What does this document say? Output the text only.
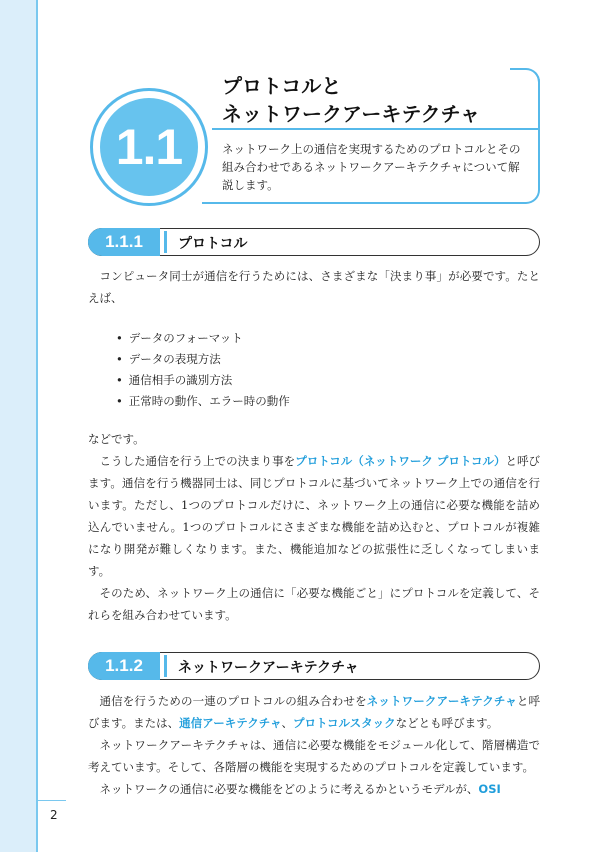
2
1.1
プロトコルと
ネットワークアーキテクチャ
ネットワーク上の通信を実現するためのプロトコルとその組み合わせであるネットワークアーキテクチャについて解説します。
1.1.1	プロトコル

コンピュータ同士が通信を行うためには、さまざまな「決まり事」が必要です。たとえば、

• データのフォーマット
• データの表現方法
• 通信相手の識別方法
• 正常時の動作、エラー時の動作

などです。

こうした通信を行う上での決まり事をプロトコル（ネットワーク プロトコル）と呼びます。通信を行う機器同士は、同じプロトコルに基づいてネットワーク上での通信を行います。ただし、1つのプロトコルだけに、ネットワーク上の通信に必要な機能を詰め込んでいません。1つのプロトコルにさまざまな機能を詰め込むと、プロトコルが複雑になり開発が難しくなります。また、機能追加などの拡張性に乏しくなってしまいます。

そのため、ネットワーク上の通信に「必要な機能ごと」にプロトコルを定義して、それらを組み合わせています。

1.1.2	ネットワークアーキテクチャ

通信を行うための一連のプロトコルの組み合わせをネットワークアーキテクチャと呼びます。または、通信アーキテクチャ、プロトコルスタックなどとも呼びます。

ネットワークアーキテクチャは、通信に必要な機能をモジュール化して、階層構造で考えています。そして、各階層の機能を実現するためのプロトコルを定義しています。

ネットワークの通信に必要な機能をどのように考えるかというモデルが、OSI
